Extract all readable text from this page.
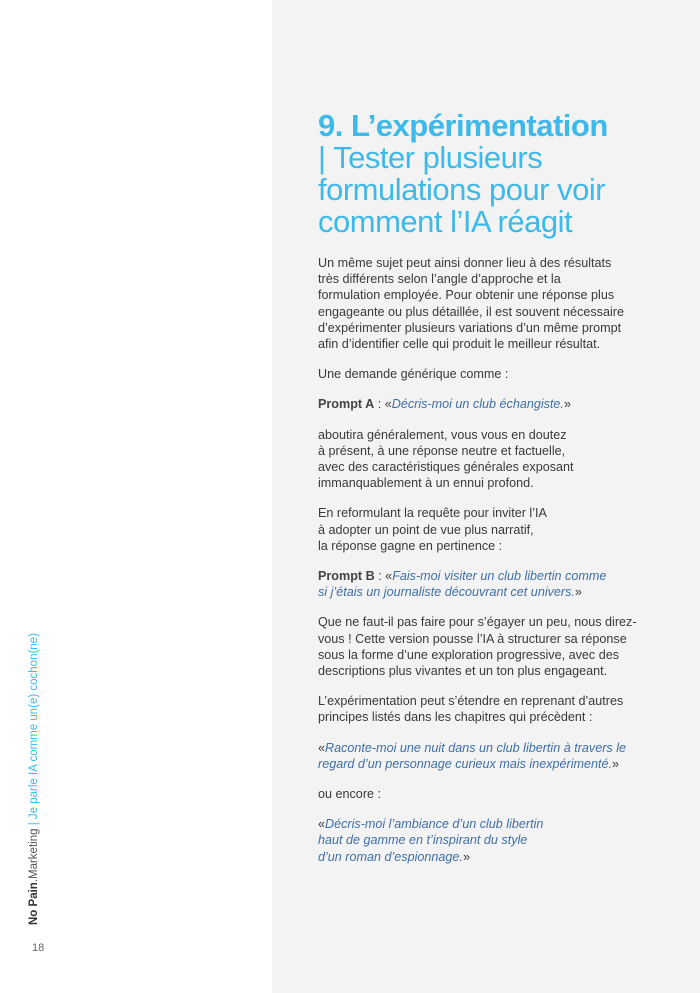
No Pain.Marketing | Je parle IA comme un(e) cochon(ne)
18
9. L’expérimentation
| Tester plusieurs
formulations pour voir
comment l’IA réagit
Un même sujet peut ainsi donner lieu à des résultats
très différents selon l’angle d’approche et la
formulation employée. Pour obtenir une réponse plus
engageante ou plus détaillée, il est souvent nécessaire
d’expérimenter plusieurs variations d’un même prompt
afin d’identifier celle qui produit le meilleur résultat.
Une demande générique comme :
Prompt A : «Décris-moi un club échangiste.»
aboutira généralement, vous vous en doutez
à présent, à une réponse neutre et factuelle,
avec des caractéristiques générales exposant
immanquablement à un ennui profond.
En reformulant la requête pour inviter l’IA
à adopter un point de vue plus narratif,
la réponse gagne en pertinence :
Prompt B : «Fais-moi visiter un club libertin comme
si j’étais un journaliste découvrant cet univers.»
Que ne faut-il pas faire pour s’égayer un peu, nous direz-
vous ! Cette version pousse l’IA à structurer sa réponse
sous la forme d’une exploration progressive, avec des
descriptions plus vivantes et un ton plus engageant.
L’expérimentation peut s’étendre en reprenant d’autres
principes listés dans les chapitres qui précèdent :
«Raconte-moi une nuit dans un club libertin à travers le
regard d’un personnage curieux mais inexpérimenté.»
ou encore :
«Décris-moi l’ambiance d’un club libertin
haut de gamme en t’inspirant du style
d’un roman d’espionnage.»
